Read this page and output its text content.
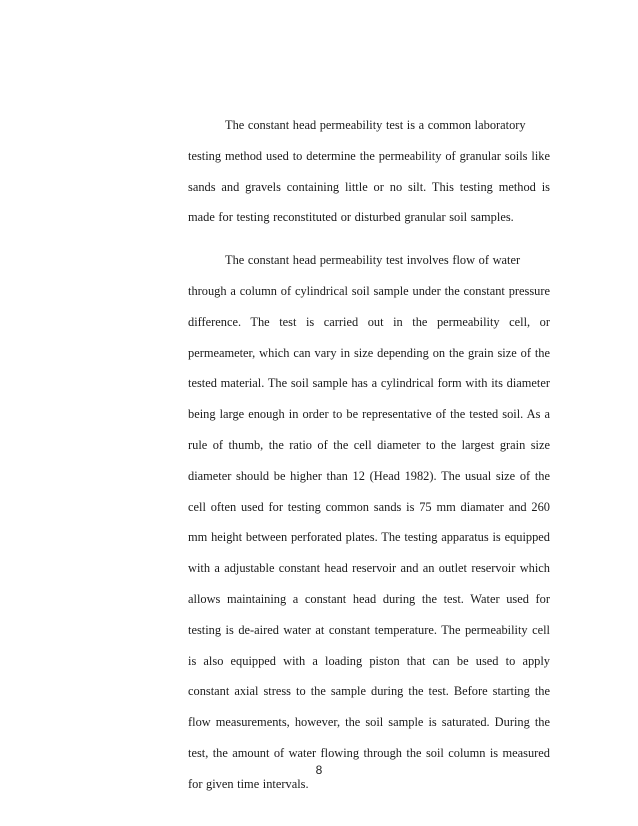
The constant head permeability test is a common laboratory
testing method used to determine the permeability of granular soils like
sands and gravels containing little or no silt. This testing method is
made for testing reconstituted or disturbed granular soil samples.
The constant head permeability test involves flow of water
through a column of cylindrical soil sample under the constant pressure
difference. The test is carried out in the permeability cell, or
permeameter, which can vary in size depending on the grain size of the
tested material. The soil sample has a cylindrical form with its diameter
being large enough in order to be representative of the tested soil. As a
rule of thumb, the ratio of the cell diameter to the largest grain size
diameter should be higher than 12 (Head 1982). The usual size of the
cell often used for testing common sands is 75 mm diamater and 260
mm height between perforated plates. The testing apparatus is equipped
with a adjustable constant head reservoir and an outlet reservoir which
allows maintaining a constant head during the test. Water used for
testing is de-aired water at constant temperature. The permeability cell
is also equipped with a loading piston that can be used to apply
constant axial stress to the sample during the test. Before starting the
flow measurements, however, the soil sample is saturated. During the
test, the amount of water flowing through the soil column is measured
for given time intervals.
8
